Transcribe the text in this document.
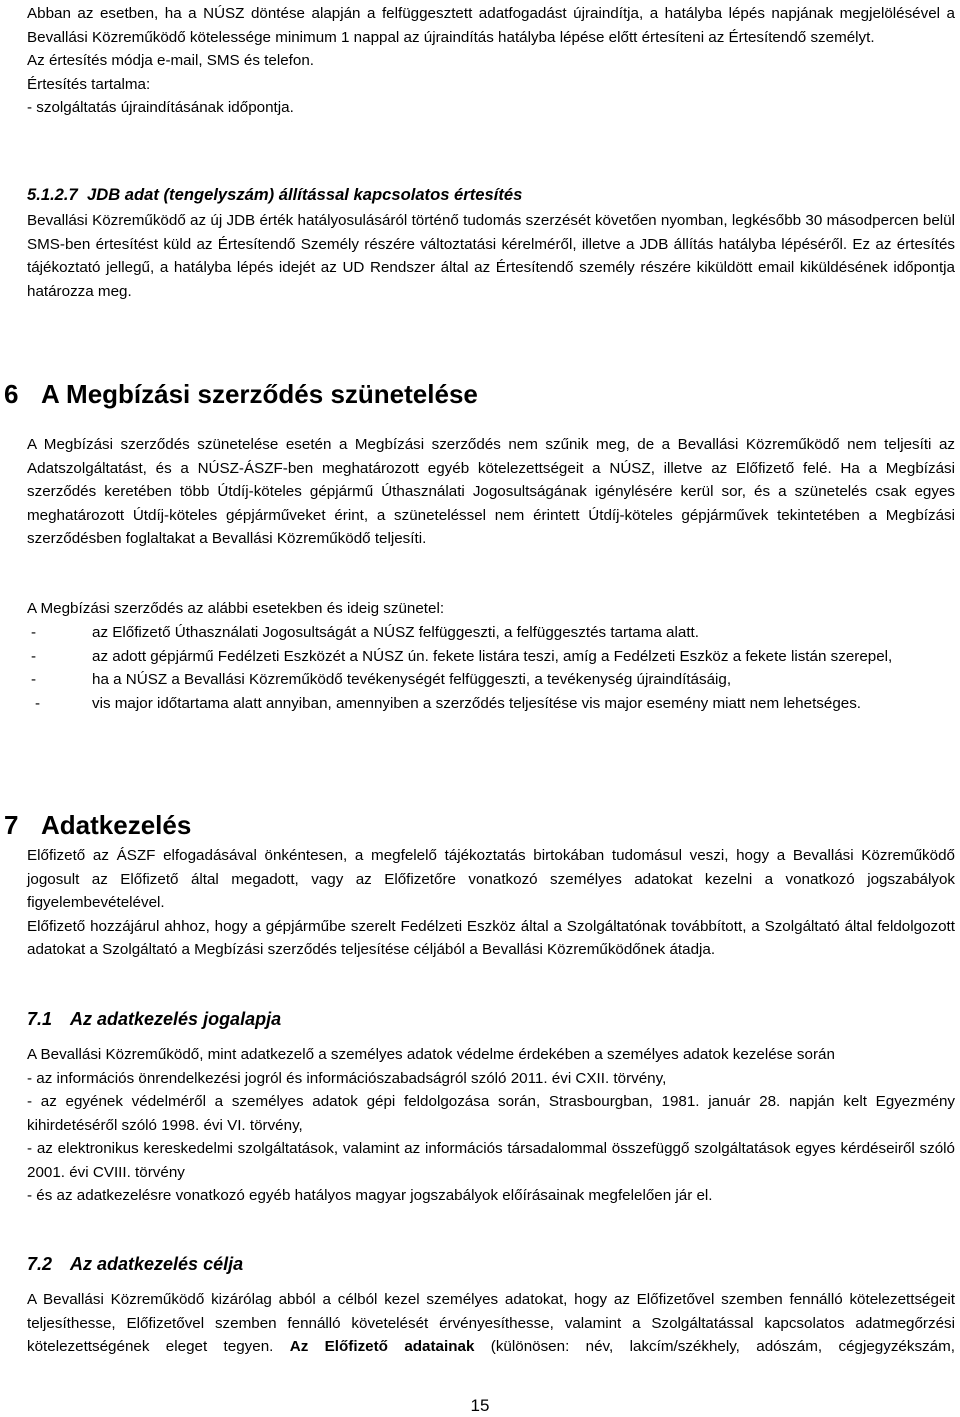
Abban az esetben, ha a NÚSZ döntése alapján a felfüggesztett adatfogadást újraindítja, a hatályba lépés napjának megjelölésével a Bevallási Közreműködő kötelessége minimum 1 nappal az újraindítás hatályba lépése előtt értesíteni az Értesítendő személyt.

Az értesítés módja e-mail, SMS és telefon.

Értesítés tartalma:

- szolgáltatás újraindításának időpontja.

5.1.2.7 JDB adat (tengelyszám) állítással kapcsolatos értesítés
Bevallási Közreműködő az új JDB érték hatályosulásáról történő tudomás szerzését követően nyomban, legkésőbb 30 másodpercen belül SMS-ben értesítést küld az Értesítendő Személy részére változtatási kérelméről, illetve a JDB állítás hatályba lépéséről. Ez az értesítés tájékoztató jellegű, a hatályba lépés idejét az UD Rendszer által az Értesítendő személy részére kiküldött email kiküldésének időpontja határozza meg.
6 A Megbízási szerződés szünetelése
A Megbízási szerződés szünetelése esetén a Megbízási szerződés nem szűnik meg, de a Bevallási Közreműködő nem teljesíti az Adatszolgáltatást, és a NÚSZ-ÁSZF-ben meghatározott egyéb kötelezettségeit a NÚSZ, illetve az Előfizető felé. Ha a Megbízási szerződés keretében több Útdíj-köteles gépjármű Úthasználati Jogosultságának igénylésére kerül sor, és a szünetelés csak egyes meghatározott Útdíj-köteles gépjárműveket érint, a szüneteléssel nem érintett Útdíj-köteles gépjárművek tekintetében a Megbízási szerződésben foglaltakat a Bevallási Közreműködő teljesíti.
A Megbízási szerződés az alábbi esetekben és ideig szünetel:
-	az Előfizető Úthasználati Jogosultságát a NÚSZ felfüggeszti, a felfüggesztés tartama alatt.
-	az adott gépjármű Fedélzeti Eszközét a NÚSZ ún. fekete listára teszi, amíg a Fedélzeti Eszköz a fekete listán szerepel,
-	ha a NÚSZ a Bevallási Közreműködő tevékenységét felfüggeszti, a tevékenység újraindításáig,
-	vis major időtartama alatt annyiban, amennyiben a szerződés teljesítése vis major esemény miatt nem lehetséges.
7 Adatkezelés

Előfizető az ÁSZF elfogadásával önkéntesen, a megfelelő tájékoztatás birtokában tudomásul veszi, hogy a Bevallási Közreműködő jogosult az Előfizető által megadott, vagy az Előfizetőre vonatkozó személyes adatokat kezelni a vonatkozó jogszabályok figyelembevételével.

Előfizető hozzájárul ahhoz, hogy a gépjárműbe szerelt Fedélzeti Eszköz által a Szolgáltatónak továbbított, a Szolgáltató által feldolgozott adatokat a Szolgáltató a Megbízási szerződés teljesítése céljából a Bevallási Közreműködőnek átadja.

7.1 Az adatkezelés jogalapja

A Bevallási Közreműködő, mint adatkezelő a személyes adatok védelme érdekében a személyes adatok kezelése során

- az információs önrendelkezési jogról és információszabadságról szóló 2011. évi CXII. törvény,

- az egyének védelméről a személyes adatok gépi feldolgozása során, Strasbourgban, 1981. január 28. napján kelt Egyezmény kihirdetéséről szóló 1998. évi VI. törvény,

- az elektronikus kereskedelmi szolgáltatások, valamint az információs társadalommal összefüggő szolgáltatások egyes kérdéseiről szóló 2001. évi CVIII. törvény

- és az adatkezelésre vonatkozó egyéb hatályos magyar jogszabályok előírásainak megfelelően jár el.

7.2 Az adatkezelés célja
A Bevallási Közreműködő kizárólag abból a célból kezel személyes adatokat, hogy az Előfizetővel szemben fennálló kötelezettségeit teljesíthesse, Előfizetővel szemben fennálló követelését érvényesíthesse, valamint a Szolgáltatással kapcsolatos adatmegőrzési kötelezettségének eleget tegyen. Az Előfizető adatainak (különösen: név, lakcím/székhely, adószám, cégjegyzékszám,
15
